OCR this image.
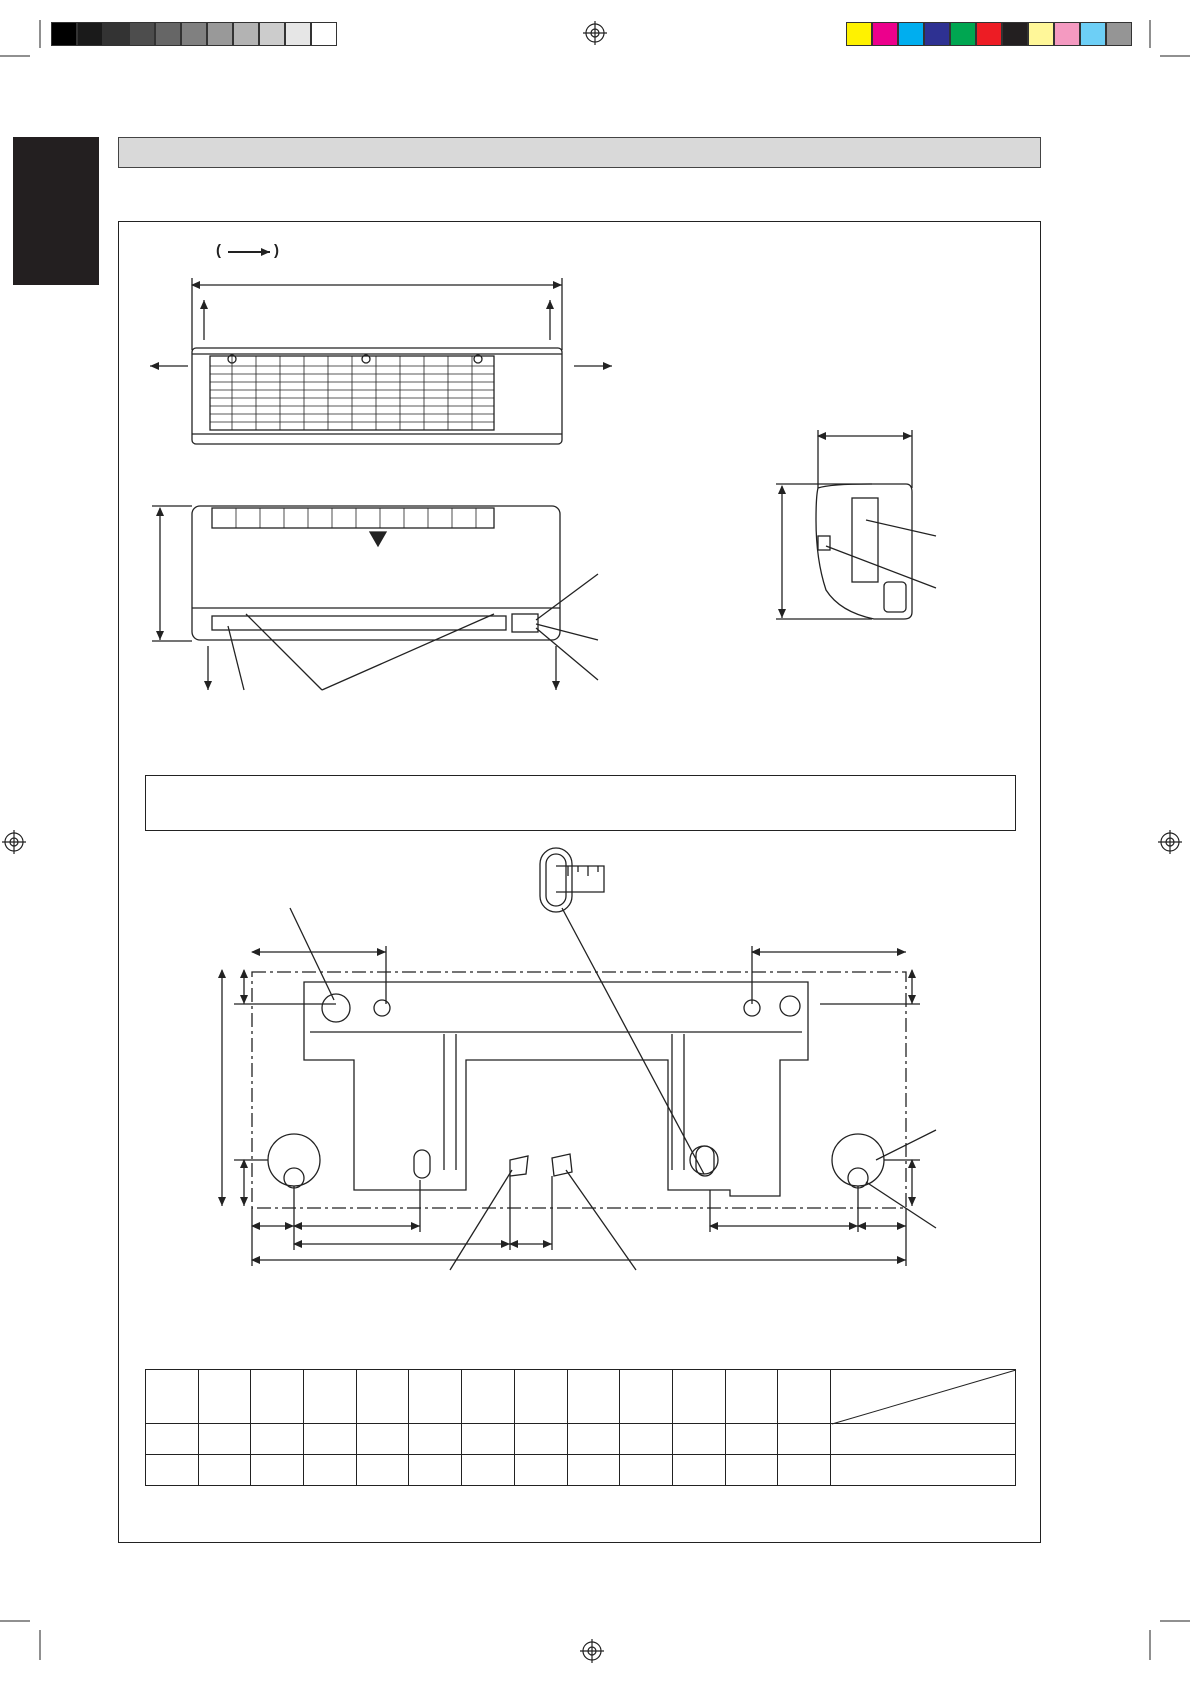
(	)
